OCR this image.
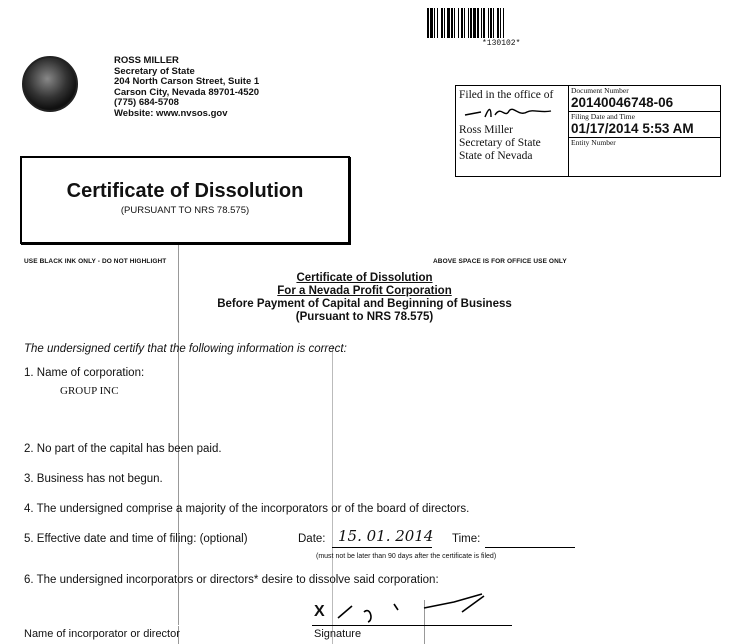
*130102*
ROSS MILLER
Secretary of State
204 North Carson Street, Suite 1
Carson City, Nevada 89701-4520
(775) 684-5708
Website: www.nvsos.gov
Filed in the office of
Ross Miller
Secretary of State
State of Nevada
Document Number
20140046748-06
Filing Date and Time
01/17/2014 5:53 AM
Entity Number
Certificate of Dissolution
(PURSUANT TO NRS 78.575)
USE BLACK INK ONLY - DO NOT HIGHLIGHT	ABOVE SPACE IS FOR OFFICE USE ONLY
Certificate of Dissolution
For a Nevada Profit Corporation
Before Payment of Capital and Beginning of Business
(Pursuant to NRS 78.575)
The undersigned certify that the following information is correct:
1. Name of corporation:
GROUP INC
2. No part of the capital has been paid.
3. Business has not begun.
4. The undersigned comprise a majority of the incorporators or of the board of directors.
5. Effective date and time of filing: (optional)	Date: 15. 01. 2014 Time:
(must not be later than 90 days after the certificate is filed)
6. The undersigned incorporators or directors* desire to dissolve said corporation:
X
Name of incorporator or director	Signature
